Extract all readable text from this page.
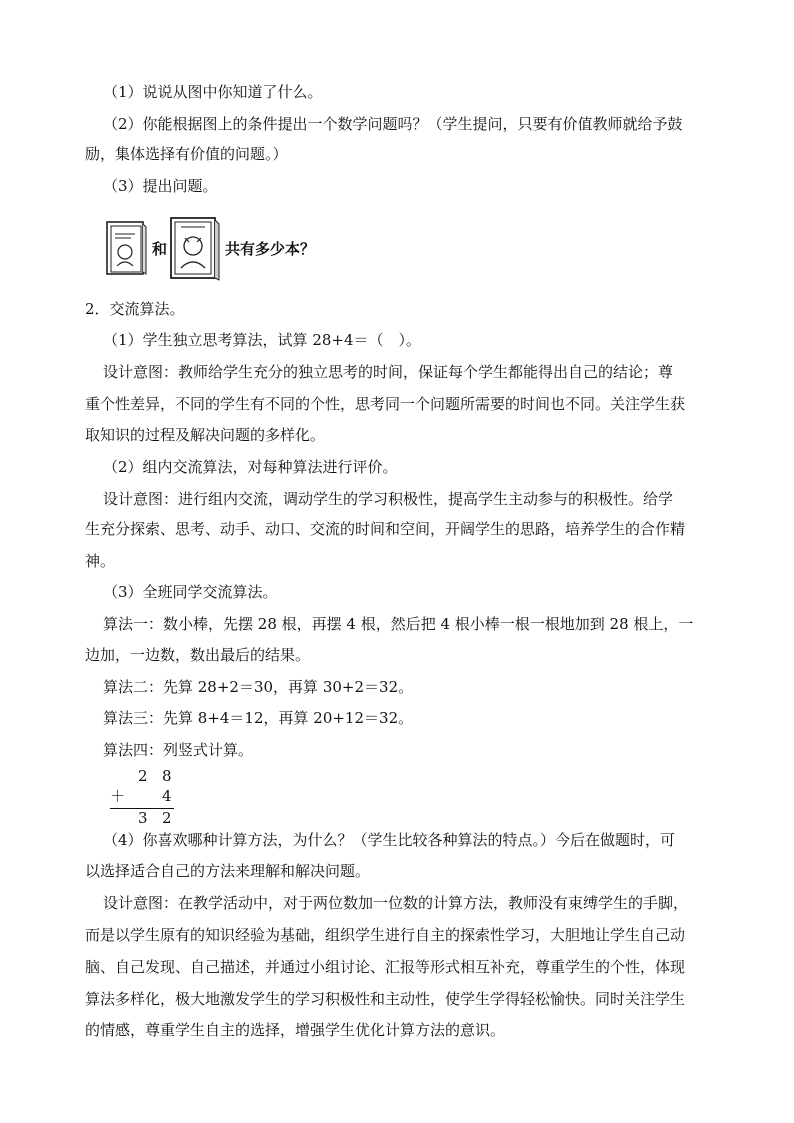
（1）说说从图中你知道了什么。
（2）你能根据图上的条件提出一个数学问题吗？（学生提问，只要有价值教师就给予鼓
励，集体选择有价值的问题。）
（3）提出问题。
和	共有多少本？
2．交流算法。
（1）学生独立思考算法，试算 28+4＝（　）。
设计意图：教师给学生充分的独立思考的时间，保证每个学生都能得出自己的结论；尊
重个性差异，不同的学生有不同的个性，思考同一个问题所需要的时间也不同。关注学生获
取知识的过程及解决问题的多样化。
（2）组内交流算法，对每种算法进行评价。
设计意图：进行组内交流，调动学生的学习积极性，提高学生主动参与的积极性。给学
生充分探索、思考、动手、动口、交流的时间和空间，开阔学生的思路，培养学生的合作精
神。
（3）全班同学交流算法。
算法一：数小棒，先摆 28 根，再摆 4 根，然后把 4 根小棒一根一根地加到 28 根上，一
边加，一边数，数出最后的结果。
算法二：先算 28+2＝30，再算 30+2＝32。
算法三：先算 8+4＝12，再算 20+12＝32。
算法四：列竖式计算。
2 8
＋ 4
3 2
（4）你喜欢哪种计算方法，为什么？（学生比较各种算法的特点。）今后在做题时，可
以选择适合自己的方法来理解和解决问题。
设计意图：在教学活动中，对于两位数加一位数的计算方法，教师没有束缚学生的手脚，
而是以学生原有的知识经验为基础，组织学生进行自主的探索性学习，大胆地让学生自己动
脑、自己发现、自己描述，并通过小组讨论、汇报等形式相互补充，尊重学生的个性，体现
算法多样化，极大地激发学生的学习积极性和主动性，使学生学得轻松愉快。同时关注学生
的情感，尊重学生自主的选择，增强学生优化计算方法的意识。
